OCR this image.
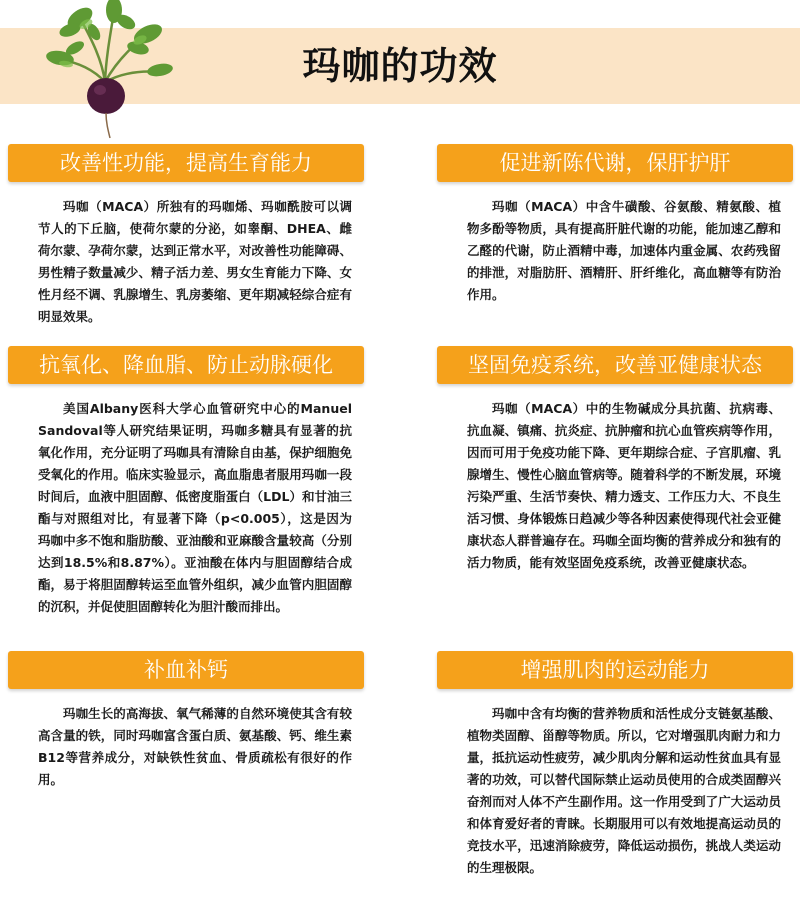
玛咖的功效
改善性功能，提高生育能力
玛咖（MACA）所独有的玛咖烯、玛咖酰胺可以调节人的下丘脑，使荷尔蒙的分泌，如睾酮、DHEA、雌荷尔蒙、孕荷尔蒙，达到正常水平，对改善性功能障碍、男性精子数量减少、精子活力差、男女生育能力下降、女性月经不调、乳腺增生、乳房萎缩、更年期减轻综合症有明显效果。
促进新陈代谢，保肝护肝
玛咖（MACA）中含牛磺酸、谷氨酸、精氨酸、植物多酚等物质，具有提高肝脏代谢的功能，能加速乙醇和乙醛的代谢，防止酒精中毒，加速体内重金属、农药残留的排泄，对脂肪肝、酒精肝、肝纤维化，高血糖等有防治作用。
抗氧化、降血脂、防止动脉硬化
美国Albany医科大学心血管研究中心的Manuel Sandoval等人研究结果证明，玛咖多糖具有显著的抗氧化作用，充分证明了玛咖具有清除自由基，保护细胞免受氧化的作用。临床实验显示，高血脂患者服用玛咖一段时间后，血液中胆固醇、低密度脂蛋白（LDL）和甘油三酯与对照组对比，有显著下降（p<0.005），这是因为玛咖中多不饱和脂肪酸、亚油酸和亚麻酸含量较高（分别达到18.5%和8.87%）。亚油酸在体内与胆固醇结合成酯，易于将胆固醇转运至血管外组织，减少血管内胆固醇的沉积，并促使胆固醇转化为胆汁酸而排出。
坚固免疫系统，改善亚健康状态
玛咖（MACA）中的生物碱成分具抗菌、抗病毒、抗血凝、镇痛、抗炎症、抗肿瘤和抗心血管疾病等作用，因而可用于免疫功能下降、更年期综合症、子宫肌瘤、乳腺增生、慢性心脑血管病等。随着科学的不断发展，环境污染严重、生活节奏快、精力透支、工作压力大、不良生活习惯、身体锻炼日趋减少等各种因素使得现代社会亚健康状态人群普遍存在。玛咖全面均衡的营养成分和独有的活力物质，能有效坚固免疫系统，改善亚健康状态。
补血补钙
玛咖生长的高海拔、氧气稀薄的自然环境使其含有较高含量的铁，同时玛咖富含蛋白质、氨基酸、钙、维生素B12等营养成分，对缺铁性贫血、骨质疏松有很好的作用。
增强肌肉的运动能力
玛咖中含有均衡的营养物质和活性成分支链氨基酸、植物类固醇、甾醇等物质。所以，它对增强肌肉耐力和力量，抵抗运动性疲劳，减少肌肉分解和运动性贫血具有显著的功效，可以替代国际禁止运动员使用的合成类固醇兴奋剂而对人体不产生副作用。这一作用受到了广大运动员和体育爱好者的青睐。长期服用可以有效地提高运动员的竞技水平，迅速消除疲劳，降低运动损伤，挑战人类运动的生理极限。
